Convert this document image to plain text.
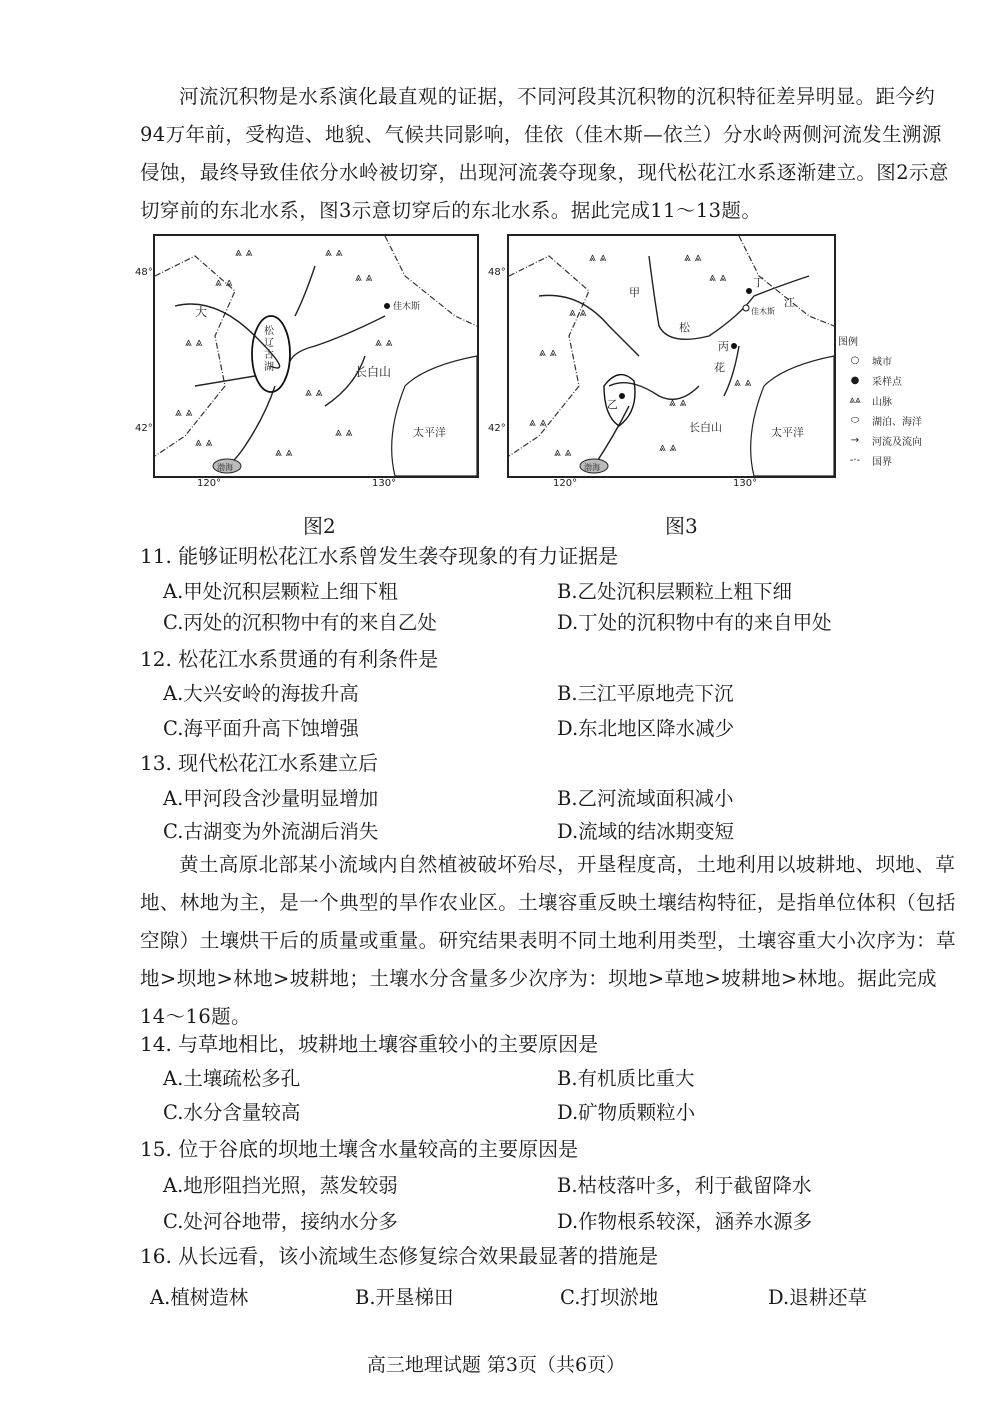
河流沉积物是水系演化最直观的证据，不同河段其沉积物的沉积特征差异明显。距今约94万年前，受构造、地貌、气候共同影响，佳依（佳木斯—依兰）分水岭两侧河流发生溯源侵蚀，最终导致佳依分水岭被切穿，出现河流袭夺现象，现代松花江水系逐渐建立。图2示意切穿前的东北水系，图3示意切穿后的东北水系。据此完成11～13题。
松
辽
古
湖
佳木斯
⩓ ⩓
⩓ ⩓
⩓ ⩓
⩓ ⩓
⩓ ⩓
⩓ ⩓
⩓ ⩓
⩓ ⩓
⩓ ⩓
⩓ ⩓
⩓ ⩓
大
长白山
太平洋
渤海
48°
42°
120°	130°
图2
甲
乙
丙
丁
佳木斯
松
花
江
长白山
⩓ ⩓
⩓ ⩓
⩓ ⩓
⩓ ⩓
⩓ ⩓
⩓ ⩓
⩓ ⩓
⩓ ⩓
⩓ ⩓
⩓ ⩓
太平洋
渤海
48°
42°
120°	130°
图3
图例
○	城市
●	采样点
⩓⩓	山脉
⬭	湖泊、海洋
→	河流及流向
-·-	国界
11. 能够证明松花江水系曾发生袭夺现象的有力证据是
A.甲处沉积层颗粒上细下粗	B.乙处沉积层颗粒上粗下细
C.丙处的沉积物中有的来自乙处	D.丁处的沉积物中有的来自甲处
12. 松花江水系贯通的有利条件是
A.大兴安岭的海拔升高	B.三江平原地壳下沉
C.海平面升高下蚀增强	D.东北地区降水减少
13. 现代松花江水系建立后
A.甲河段含沙量明显增加	B.乙河流域面积减小
C.古湖变为外流湖后消失	D.流域的结冰期变短
黄土高原北部某小流域内自然植被破坏殆尽，开垦程度高，土地利用以坡耕地、坝地、草地、林地为主，是一个典型的旱作农业区。土壤容重反映土壤结构特征，是指单位体积（包括空隙）土壤烘干后的质量或重量。研究结果表明不同土地利用类型，土壤容重大小次序为：草地>坝地>林地>坡耕地；土壤水分含量多少次序为：坝地>草地>坡耕地>林地。据此完成14～16题。
14. 与草地相比，坡耕地土壤容重较小的主要原因是
A.土壤疏松多孔	B.有机质比重大
C.水分含量较高	D.矿物质颗粒小
15. 位于谷底的坝地土壤含水量较高的主要原因是
A.地形阻挡光照，蒸发较弱	B.枯枝落叶多，利于截留降水
C.处河谷地带，接纳水分多	D.作物根系较深，涵养水源多
16. 从长远看，该小流域生态修复综合效果最显著的措施是
A.植树造林	B.开垦梯田	C.打坝淤地	D.退耕还草
高三地理试题 第3页（共6页）
